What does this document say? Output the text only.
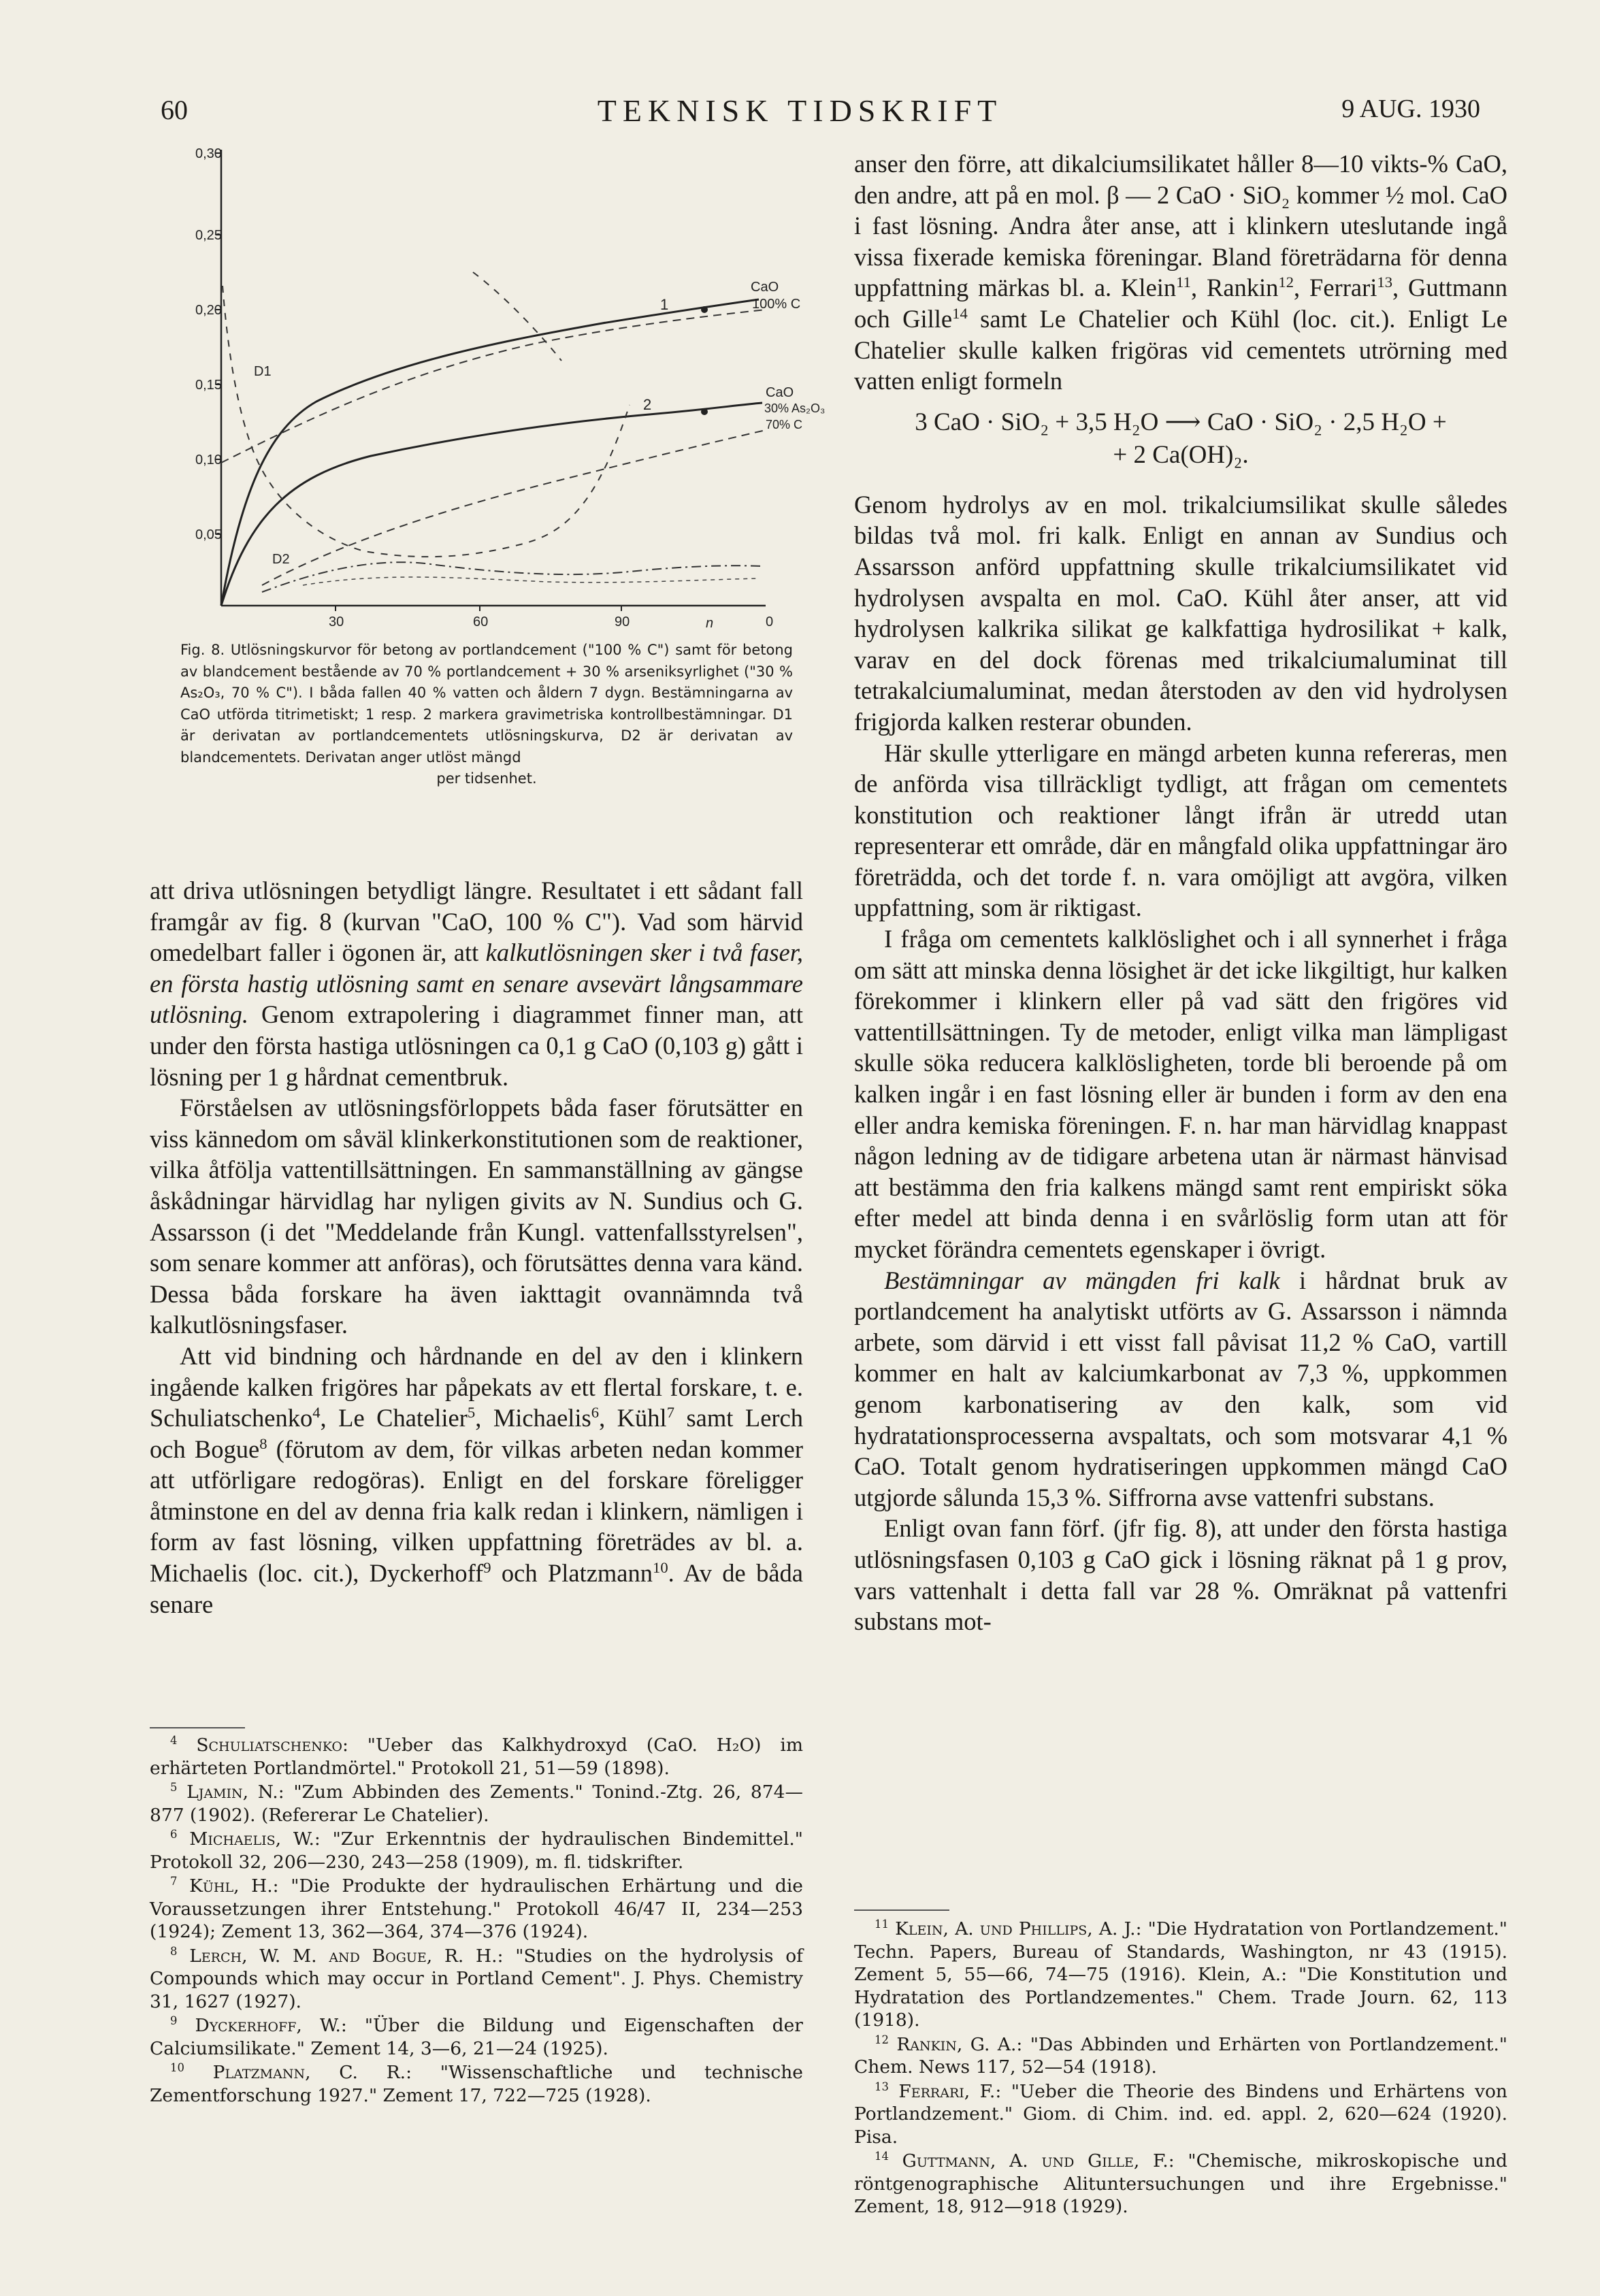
60	TEKNISK TIDSKRIFT	9 AUG. 1930
0,30
0,25
0,20
0,15
0,10
0,05
30	60	90	n	0
1
2
CaO
100% C
CaO
30% As₂O₃
70% C
D1
D2
Fig. 8. Utlösningskurvor för betong av portlandcement ("100 % C") samt för betong av blandcement bestående av 70 % portlandcement + 30 % arseniksyrlighet ("30 % As₂O₃, 70 % C"). I båda fallen 40 % vatten och åldern 7 dygn. Bestämningarna av CaO utförda titrimetiskt; 1 resp. 2 markera gravimetriska kontrollbestämningar. D1 är derivatan av portlandcementets utlösningskurva, D2 är derivatan av blandcementets. Derivatan anger utlöst mängd
per tidsenhet.

att driva utlösningen betydligt längre. Resultatet i ett sådant fall framgår av fig. 8 (kurvan "CaO, 100 % C"). Vad som härvid omedelbart faller i ögonen är, att kalkutlösningen sker i två faser, en första hastig utlösning samt en senare avsevärt långsammare utlösning. Genom extrapolering i diagrammet finner man, att under den första hastiga utlösningen ca 0,1 g CaO (0,103 g) gått i lösning per 1 g hårdnat cementbruk.

Förståelsen av utlösningsförloppets båda faser förutsätter en viss kännedom om såväl klinkerkonstitutionen som de reaktioner, vilka åtfölja vattentillsättningen. En sammanställning av gängse åskådningar härvidlag har nyligen givits av N. Sundius och G. Assarsson (i det "Meddelande från Kungl. vattenfallsstyrelsen", som senare kommer att anföras), och förutsättes denna vara känd. Dessa båda forskare ha även iakttagit ovannämnda två kalkutlösningsfaser.

Att vid bindning och hårdnande en del av den i klinkern ingående kalken frigöres har påpekats av ett flertal forskare, t. e. Schuliatschenko$^4$, Le Chatelier$^5$, Michaelis$^6$, Kühl$^7$ samt Lerch och Bogue$^8$ (förutom av dem, för vilkas arbeten nedan kommer att utförligare redogöras). Enligt en del forskare föreligger åtminstone en del av denna fria kalk redan i klinkern, nämligen i form av fast lösning, vilken uppfattning företrädes av bl. a. Michaelis (loc. cit.), Dyckerhoff$^9$ och Platzmann$^{10}$. Av de båda senare

$^4$ Schuliatschenko: "Ueber das Kalkhydroxyd (CaO. H₂O) im erhärteten Portlandmörtel." Protokoll 21, 51—59 (1898).

$^5$ Ljamin, N.: "Zum Abbinden des Zements." Tonind.-Ztg. 26, 874—877 (1902). (Refererar Le Chatelier).

$^6$ Michaelis, W.: "Zur Erkenntnis der hydraulischen Bindemittel." Protokoll 32, 206—230, 243—258 (1909), m. fl. tidskrifter.

$^7$ Kühl, H.: "Die Produkte der hydraulischen Erhärtung und die Voraussetzungen ihrer Entstehung." Protokoll 46/47 II, 234—253 (1924); Zement 13, 362—364, 374—376 (1924).

$^8$ Lerch, W. M. and Bogue, R. H.: "Studies on the hydrolysis of Compounds which may occur in Portland Cement". J. Phys. Chemistry 31, 1627 (1927).

$^9$ Dyckerhoff, W.: "Über die Bildung und Eigenschaften der Calciumsilikate." Zement 14, 3—6, 21—24 (1925).

$^{10}$ Platzmann, C. R.: "Wissenschaftliche und technische Zementforschung 1927." Zement 17, 722—725 (1928).

anser den förre, att dikalciumsilikatet håller 8—10 vikts-% CaO, den andre, att på en mol. β — 2 CaO · SiO₂ kommer ½ mol. CaO i fast lösning. Andra åter anse, att i klinkern uteslutande ingå vissa fixerade kemiska föreningar. Bland företrädarna för denna uppfattning märkas bl. a. Klein$^{11}$, Rankin$^{12}$, Ferrari$^{13}$, Guttmann och Gille$^{14}$ samt Le Chatelier och Kühl (loc. cit.). Enligt Le Chatelier skulle kalken frigöras vid cementets utrörning med vatten enligt formeln

3 CaO · SiO₂ + 3,5 H₂O ⟶ CaO · SiO₂ · 2,5 H₂O +
+ 2 Ca(OH)₂.

Genom hydrolys av en mol. trikalciumsilikat skulle således bildas två mol. fri kalk. Enligt en annan av Sundius och Assarsson anförd uppfattning skulle trikalciumsilikatet vid hydrolysen avspalta en mol. CaO. Kühl åter anser, att vid hydrolysen kalkrika silikat ge kalkfattiga hydrosilikat + kalk, varav en del dock förenas med trikalciumaluminat till tetrakalciumaluminat, medan återstoden av den vid hydrolysen frigjorda kalken resterar obunden.

Här skulle ytterligare en mängd arbeten kunna refereras, men de anförda visa tillräckligt tydligt, att frågan om cementets konstitution och reaktioner långt ifrån är utredd utan representerar ett område, där en mångfald olika uppfattningar äro företrädda, och det torde f. n. vara omöjligt att avgöra, vilken uppfattning, som är riktigast.

I fråga om cementets kalklöslighet och i all synnerhet i fråga om sätt att minska denna lösighet är det icke likgiltigt, hur kalken förekommer i klinkern eller på vad sätt den frigöres vid vattentillsättningen. Ty de metoder, enligt vilka man lämpligast skulle söka reducera kalklösligheten, torde bli beroende på om kalken ingår i en fast lösning eller är bunden i form av den ena eller andra kemiska föreningen. F. n. har man härvidlag knappast någon ledning av de tidigare arbetena utan är närmast hänvisad att bestämma den fria kalkens mängd samt rent empiriskt söka efter medel att binda denna i en svårlöslig form utan att för mycket förändra cementets egenskaper i övrigt.

Bestämningar av mängden fri kalk i hårdnat bruk av portlandcement ha analytiskt utförts av G. Assarsson i nämnda arbete, som därvid i ett visst fall påvisat 11,2 % CaO, vartill kommer en halt av kalciumkarbonat av 7,3 %, uppkommen genom karbonatisering av den kalk, som vid hydratationsprocesserna avspaltats, och som motsvarar 4,1 % CaO. Totalt genom hydratiseringen uppkommen mängd CaO utgjorde sålunda 15,3 %. Siffrorna avse vattenfri substans.

Enligt ovan fann förf. (jfr fig. 8), att under den första hastiga utlösningsfasen 0,103 g CaO gick i lösning räknat på 1 g prov, vars vattenhalt i detta fall var 28 %. Omräknat på vattenfri substans mot-

$^{11}$ Klein, A. und Phillips, A. J.: "Die Hydratation von Portlandzement." Techn. Papers, Bureau of Standards, Washington, nr 43 (1915). Zement 5, 55—66, 74—75 (1916). Klein, A.: "Die Konstitution und Hydratation des Portlandzementes." Chem. Trade Journ. 62, 113 (1918).

$^{12}$ Rankin, G. A.: "Das Abbinden und Erhärten von Portlandzement." Chem. News 117, 52—54 (1918).

$^{13}$ Ferrari, F.: "Ueber die Theorie des Bindens und Erhärtens von Portlandzement." Giom. di Chim. ind. ed. appl. 2, 620—624 (1920). Pisa.

$^{14}$ Guttmann, A. und Gille, F.: "Chemische, mikroskopische und röntgenographische Alituntersuchungen und ihre Ergebnisse." Zement, 18, 912—918 (1929).
